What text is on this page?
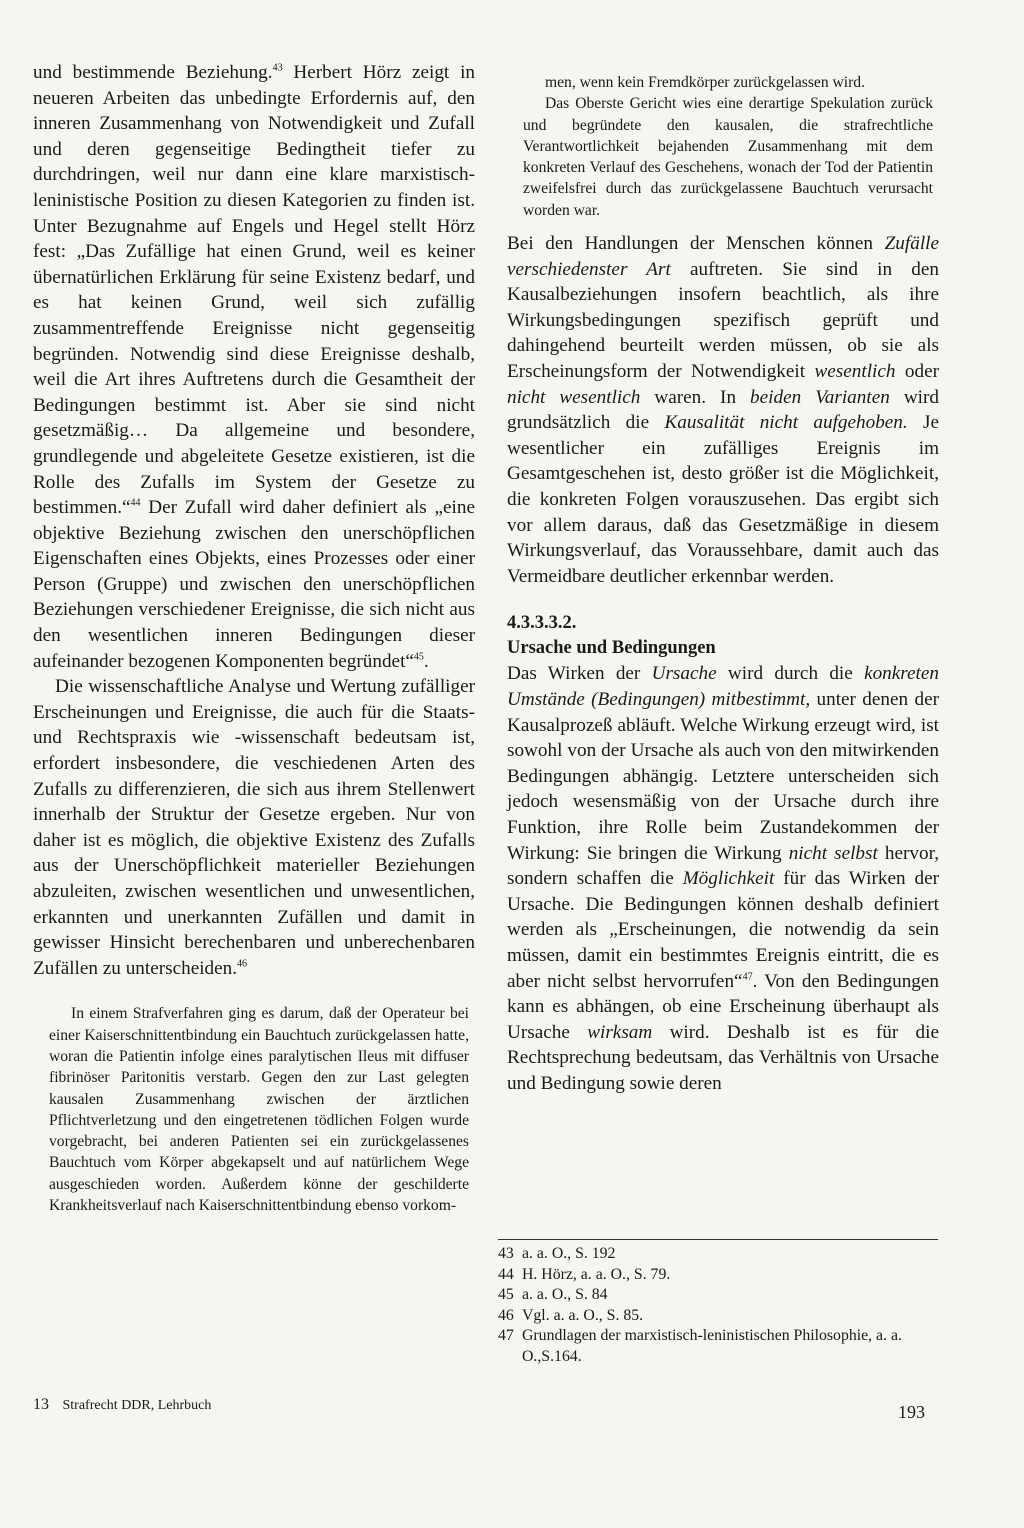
und bestimmende Beziehung.$^{43}$ Herbert Hörz zeigt in neueren Arbeiten das unbedingte Erfordernis auf, den inneren Zusammenhang von Notwendigkeit und Zufall und deren gegenseitige Bedingtheit tiefer zu durchdringen, weil nur dann eine klare marxistisch-leninistische Position zu diesen Kategorien zu finden ist. Unter Bezugnahme auf Engels und Hegel stellt Hörz fest: „Das Zufällige hat einen Grund, weil es keiner übernatürlichen Erklärung für seine Existenz bedarf, und es hat keinen Grund, weil sich zufällig zusammentreffende Ereignisse nicht gegenseitig begründen. Notwendig sind diese Ereignisse deshalb, weil die Art ihres Auftretens durch die Gesamtheit der Bedingungen bestimmt ist. Aber sie sind nicht gesetzmäßig… Da allgemeine und besondere, grundlegende und abgeleitete Gesetze existieren, ist die Rolle des Zufalls im System der Gesetze zu bestimmen.“$^{44}$ Der Zufall wird daher definiert als „eine objektive Beziehung zwischen den unerschöpflichen Eigenschaften eines Objekts, eines Prozesses oder einer Person (Gruppe) und zwischen den unerschöpflichen Beziehungen verschiedener Ereignisse, die sich nicht aus den wesentlichen inneren Bedingungen dieser aufeinander bezogenen Komponenten begründet“$^{45}$.

Die wissenschaftliche Analyse und Wertung zufälliger Erscheinungen und Ereignisse, die auch für die Staats- und Rechtspraxis wie -wissenschaft bedeutsam ist, erfordert insbesondere, die veschiedenen Arten des Zufalls zu differenzieren, die sich aus ihrem Stellenwert innerhalb der Struktur der Gesetze ergeben. Nur von daher ist es möglich, die objektive Existenz des Zufalls aus der Unerschöpflichkeit materieller Beziehungen abzuleiten, zwischen wesentlichen und unwesentlichen, erkannten und unerkannten Zufällen und damit in gewisser Hinsicht berechenbaren und unberechenbaren Zufällen zu unterscheiden.$^{46}$

In einem Strafverfahren ging es darum, daß der Operateur bei einer Kaiserschnittentbindung ein Bauchtuch zurückgelassen hatte, woran die Patientin infolge eines paralytischen Ileus mit diffuser fibrinöser Paritonitis verstarb. Gegen den zur Last gelegten kausalen Zusammenhang zwischen der ärztlichen Pflichtverletzung und den eingetretenen tödlichen Folgen wurde vorgebracht, bei anderen Patienten sei ein zurückgelassenes Bauchtuch vom Körper abgekapselt und auf natürlichem Wege ausgeschieden worden. Außerdem könne der geschilderte Krankheitsverlauf nach Kaiserschnittentbindung ebenso vorkom-

men, wenn kein Fremdkörper zurückgelassen wird.

Das Oberste Gericht wies eine derartige Spekulation zurück und begründete den kausalen, die strafrechtliche Verantwortlichkeit bejahenden Zusammenhang mit dem konkreten Verlauf des Geschehens, wonach der Tod der Patientin zweifelsfrei durch das zurückgelassene Bauchtuch verursacht worden war.

Bei den Handlungen der Menschen können Zufälle verschiedenster Art auftreten. Sie sind in den Kausalbeziehungen insofern beachtlich, als ihre Wirkungsbedingungen spezifisch geprüft und dahingehend beurteilt werden müssen, ob sie als Erscheinungsform der Notwendigkeit wesentlich oder nicht wesentlich waren. In beiden Varianten wird grundsätzlich die Kausalität nicht aufgehoben. Je wesentlicher ein zufälliges Ereignis im Gesamtgeschehen ist, desto größer ist die Möglichkeit, die konkreten Folgen vorauszusehen. Das ergibt sich vor allem daraus, daß das Gesetzmäßige in diesem Wirkungsverlauf, das Voraussehbare, damit auch das Vermeidbare deutlicher erkennbar werden.

4.3.3.3.2.
Ursache und Bedingungen

Das Wirken der Ursache wird durch die konkreten Umstände (Bedingungen) mitbestimmt, unter denen der Kausalprozeß abläuft. Welche Wirkung erzeugt wird, ist sowohl von der Ursache als auch von den mitwirkenden Bedingungen abhängig. Letztere unterscheiden sich jedoch wesensmäßig von der Ursache durch ihre Funktion, ihre Rolle beim Zustandekommen der Wirkung: Sie bringen die Wirkung nicht selbst hervor, sondern schaffen die Möglichkeit für das Wirken der Ursache. Die Bedingungen können deshalb definiert werden als „Erscheinungen, die notwendig da sein müssen, damit ein bestimmtes Ereignis eintritt, die es aber nicht selbst hervorrufen“$^{47}$. Von den Bedingungen kann es abhängen, ob eine Erscheinung überhaupt als Ursache wirksam wird. Deshalb ist es für die Rechtsprechung bedeutsam, das Verhältnis von Ursache und Bedingung sowie deren

43 a. a. O., S. 192
44 H. Hörz, a. a. O., S. 79.
45 a. a. O., S. 84
46 Vgl. a. a. O., S. 85.
47 Grundlagen der marxistisch-leninistischen Philosophie, a. a. O.,S.164.
13 Strafrecht DDR, Lehrbuch	193
